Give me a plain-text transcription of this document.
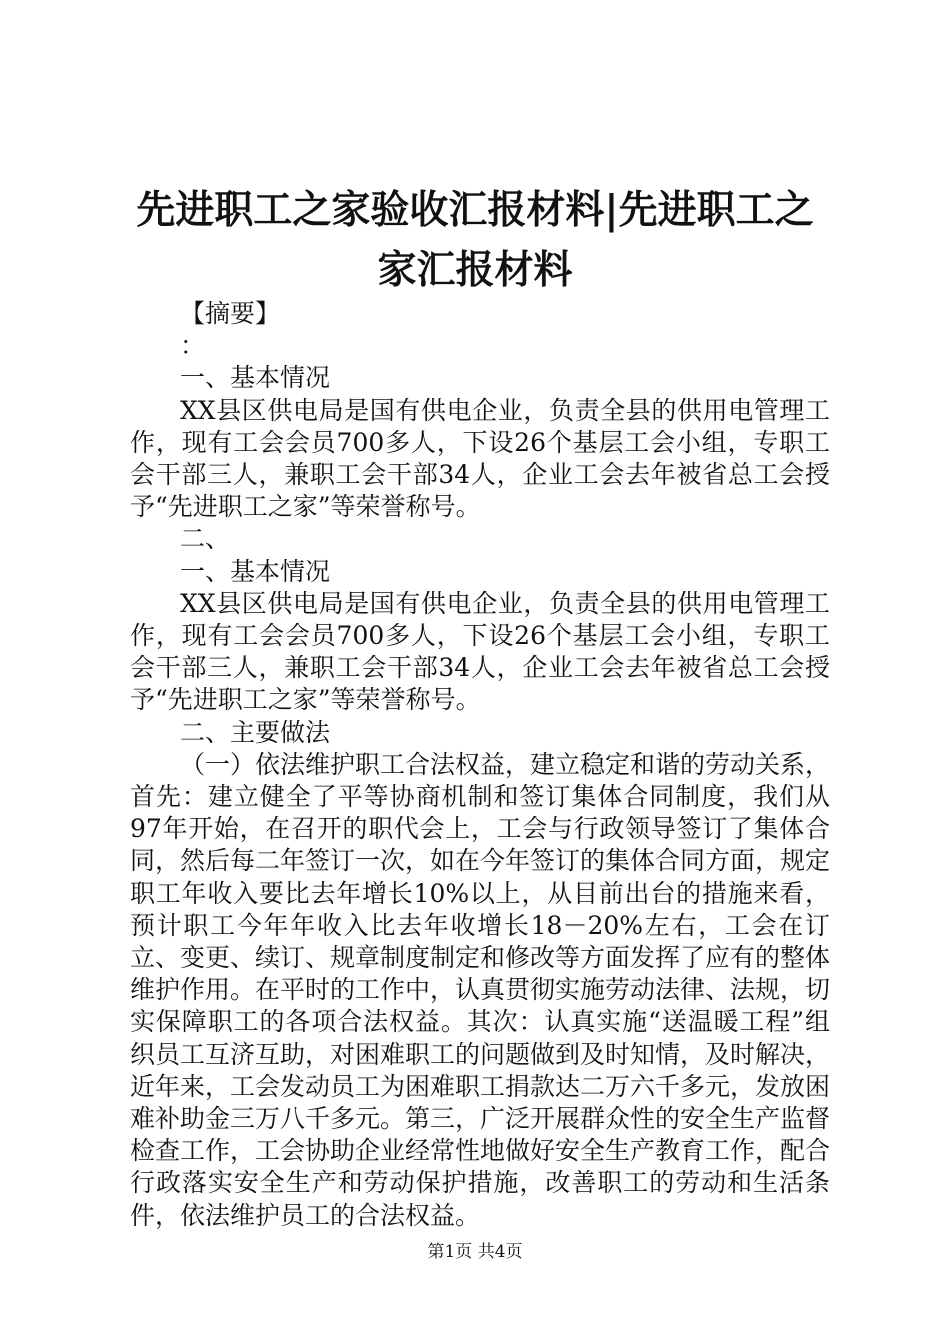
先进职工之家验收汇报材料|先进职工之家汇报材料

【摘要】

：

一、基本情况

XX县区供电局是国有供电企业，负责全县的供用电管理工作，现有工会会员700多人，下设26个基层工会小组，专职工会干部三人，兼职工会干部34人，企业工会去年被省总工会授予“先进职工之家”等荣誉称号。

二、

一、基本情况

XX县区供电局是国有供电企业，负责全县的供用电管理工作，现有工会会员700多人，下设26个基层工会小组，专职工会干部三人，兼职工会干部34人，企业工会去年被省总工会授予“先进职工之家”等荣誉称号。

二、主要做法

（一）依法维护职工合法权益，建立稳定和谐的劳动关系，首先：建立健全了平等协商机制和签订集体合同制度，我们从97年开始，在召开的职代会上，工会与行政领导签订了集体合同，然后每二年签订一次，如在今年签订的集体合同方面，规定职工年收入要比去年增长10%以上，从目前出台的措施来看，预计职工今年年收入比去年收增长18－20%左右，工会在订立、变更、续订、规章制度制定和修改等方面发挥了应有的整体维护作用。在平时的工作中，认真贯彻实施劳动法律、法规，切实保障职工的各项合法权益。其次：认真实施“送温暖工程”组织员工互济互助，对困难职工的问题做到及时知情，及时解决，近年来，工会发动员工为困难职工捐款达二万六千多元，发放困难补助金三万八千多元。第三，广泛开展群众性的安全生产监督检查工作，工会协助企业经常性地做好安全生产教育工作，配合行政落实安全生产和劳动保护措施，改善职工的劳动和生活条件，依法维护员工的合法权益。

第1页 共4页
